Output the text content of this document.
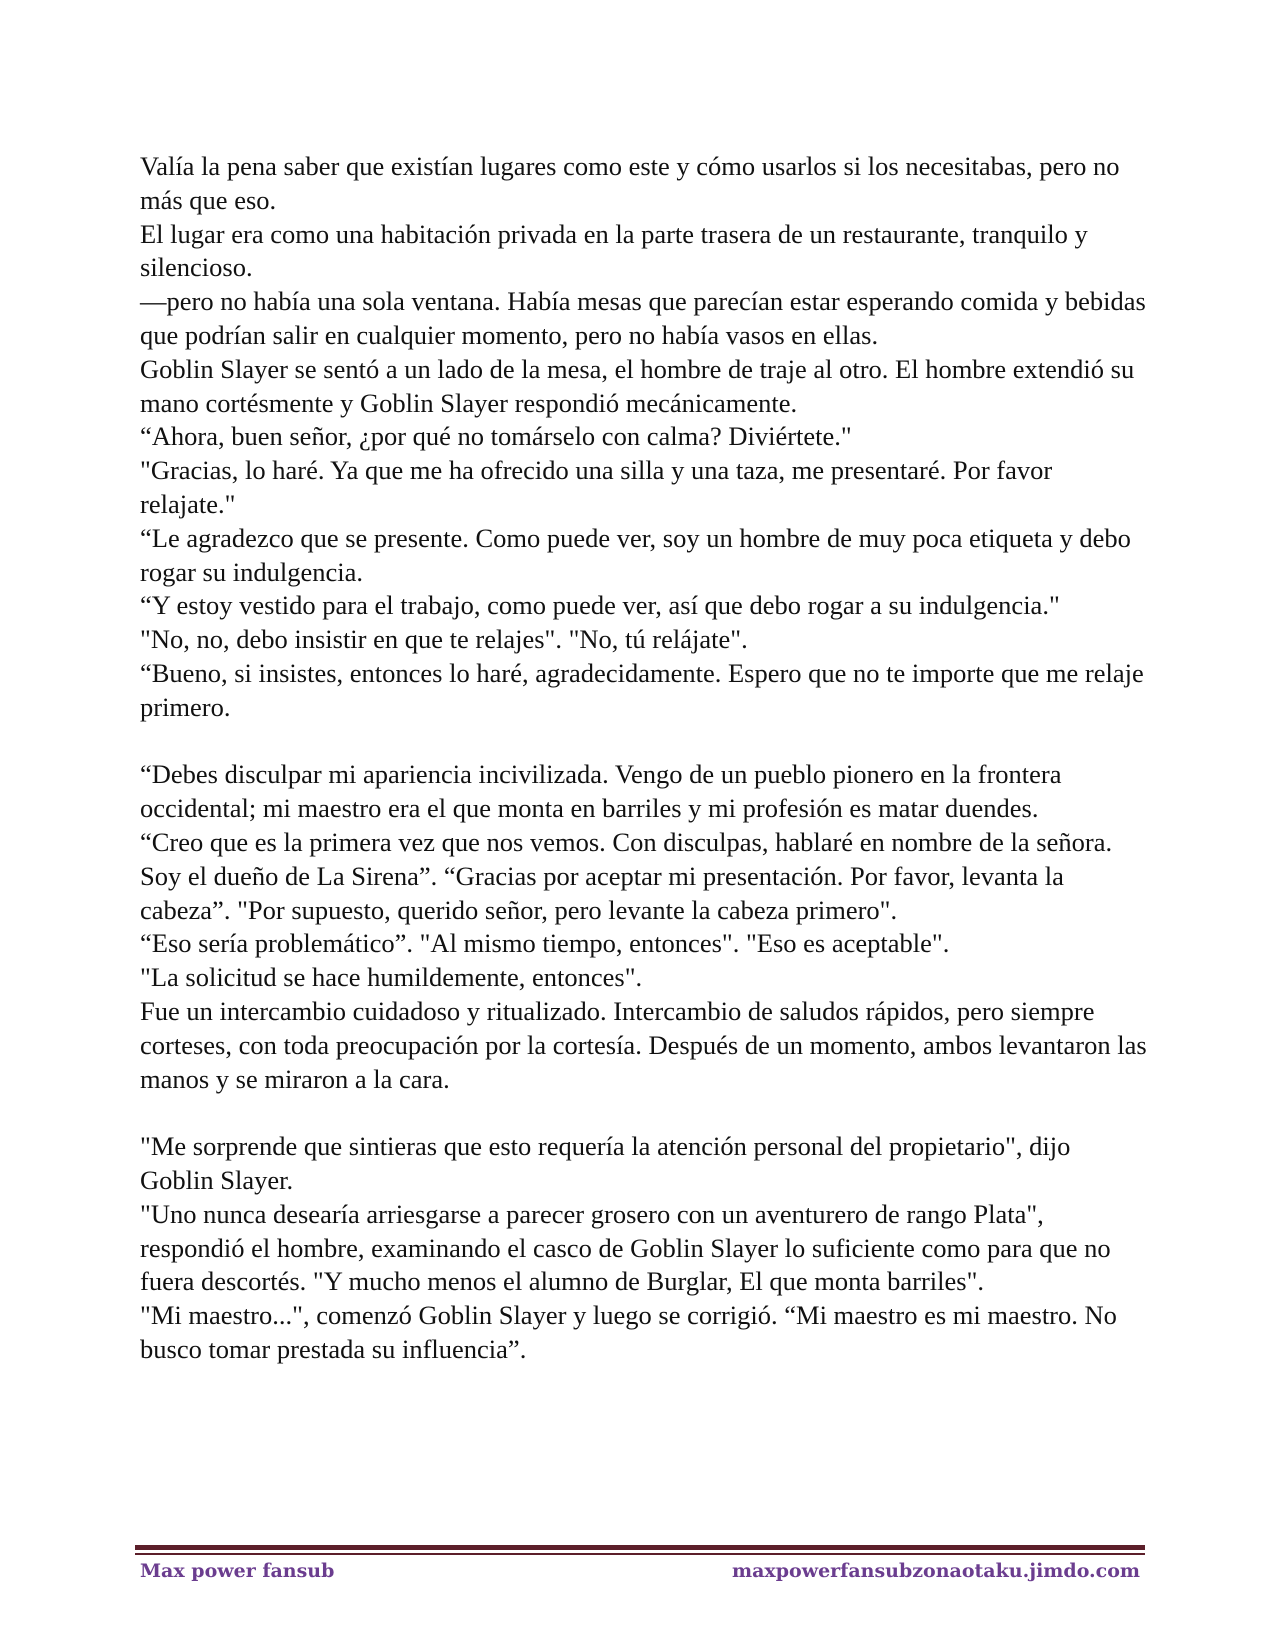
Valía la pena saber que existían lugares como este y cómo usarlos si los necesitabas, pero no más que eso.

El lugar era como una habitación privada en la parte trasera de un restaurante, tranquilo y silencioso.

—pero no había una sola ventana. Había mesas que parecían estar esperando comida y bebidas que podrían salir en cualquier momento, pero no había vasos en ellas.

Goblin Slayer se sentó a un lado de la mesa, el hombre de traje al otro. El hombre extendió su mano cortésmente y Goblin Slayer respondió mecánicamente.

“Ahora, buen señor, ¿por qué no tomárselo con calma? Diviértete."

"Gracias, lo haré. Ya que me ha ofrecido una silla y una taza, me presentaré. Por favor relajate."

“Le agradezco que se presente. Como puede ver, soy un hombre de muy poca etiqueta y debo rogar su indulgencia.

“Y estoy vestido para el trabajo, como puede ver, así que debo rogar a su indulgencia."

"No, no, debo insistir en que te relajes". "No, tú relájate".

“Bueno, si insistes, entonces lo haré, agradecidamente. Espero que no te importe que me relaje primero.

“Debes disculpar mi apariencia incivilizada. Vengo de un pueblo pionero en la frontera occidental; mi maestro era el que monta en barriles y mi profesión es matar duendes.

“Creo que es la primera vez que nos vemos. Con disculpas, hablaré en nombre de la señora. Soy el dueño de La Sirena”. “Gracias por aceptar mi presentación. Por favor, levanta la cabeza”. "Por supuesto, querido señor, pero levante la cabeza primero".

“Eso sería problemático”. "Al mismo tiempo, entonces". "Eso es aceptable".

"La solicitud se hace humildemente, entonces".

Fue un intercambio cuidadoso y ritualizado. Intercambio de saludos rápidos, pero siempre corteses, con toda preocupación por la cortesía. Después de un momento, ambos levantaron las manos y se miraron a la cara.

"Me sorprende que sintieras que esto requería la atención personal del propietario", dijo Goblin Slayer.

"Uno nunca desearía arriesgarse a parecer grosero con un aventurero de rango Plata", respondió el hombre, examinando el casco de Goblin Slayer lo suficiente como para que no fuera descortés. "Y mucho menos el alumno de Burglar, El que monta barriles".

"Mi maestro...", comenzó Goblin Slayer y luego se corrigió. “Mi maestro es mi maestro. No busco tomar prestada su influencia”.

Max power fansub	maxpowerfansubzonaotaku.jimdo.com
